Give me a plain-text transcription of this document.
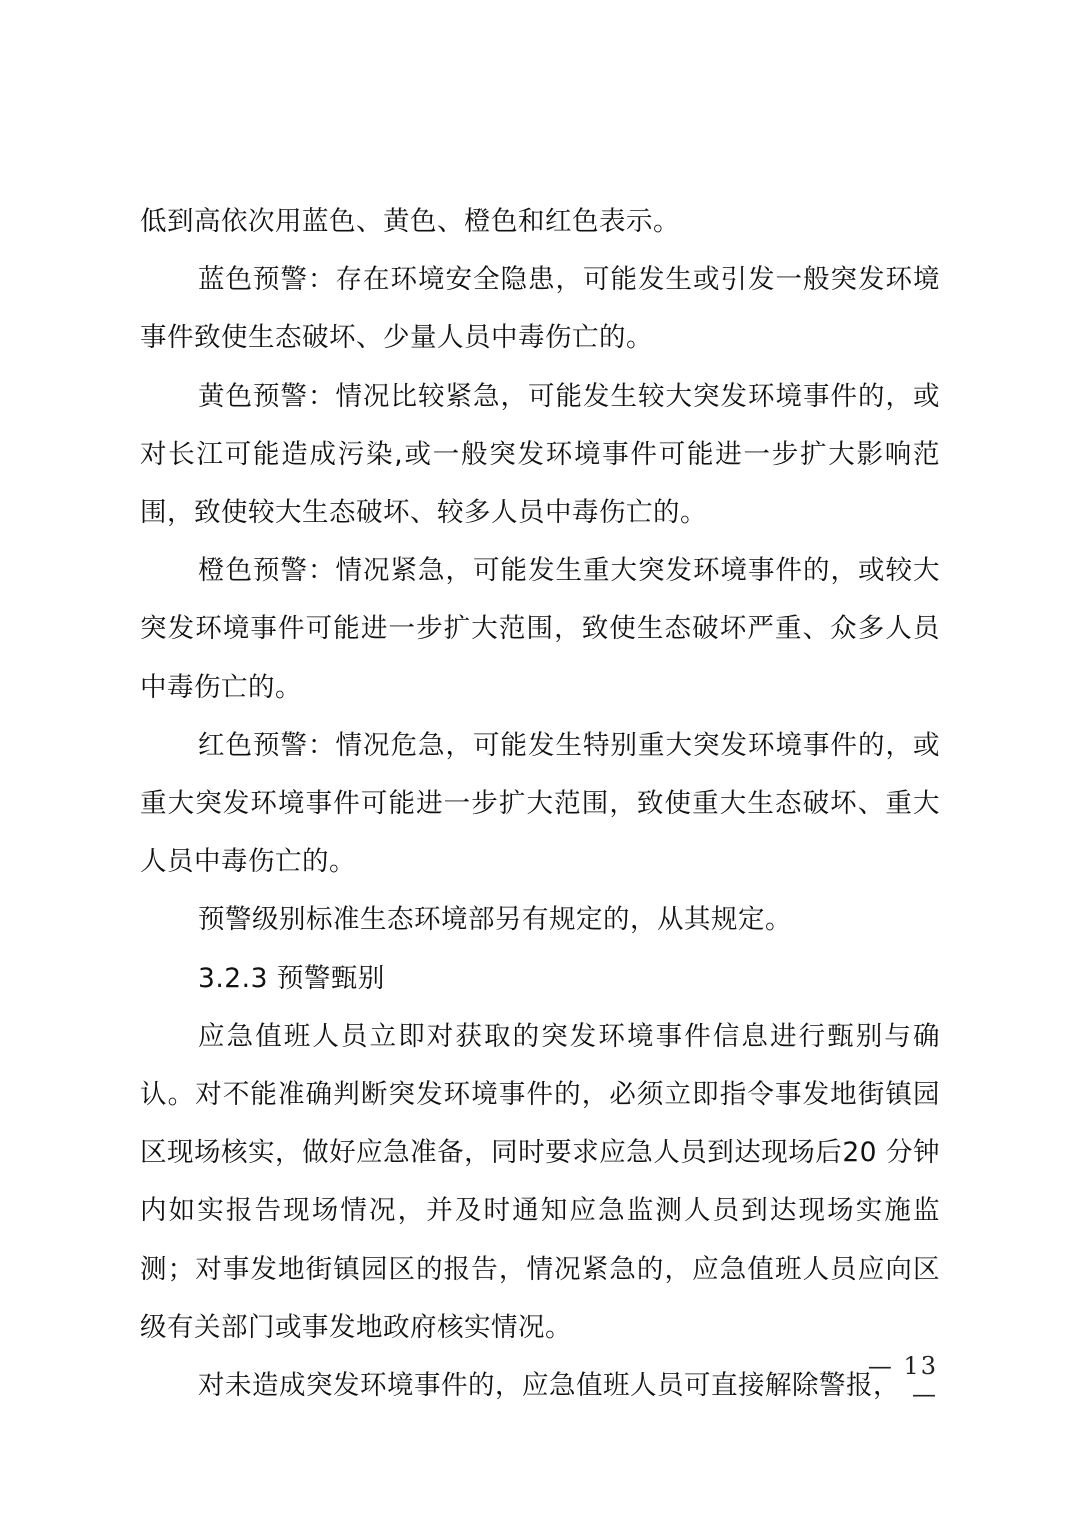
低到高依次用蓝色、黄色、橙色和红色表示。

蓝色预警：存在环境安全隐患，可能发生或引发一般突发环境事件致使生态破坏、少量人员中毒伤亡的。

黄色预警：情况比较紧急，可能发生较大突发环境事件的，或对长江可能造成污染,或一般突发环境事件可能进一步扩大影响范围，致使较大生态破坏、较多人员中毒伤亡的。

橙色预警：情况紧急，可能发生重大突发环境事件的，或较大突发环境事件可能进一步扩大范围，致使生态破坏严重、众多人员中毒伤亡的。

红色预警：情况危急，可能发生特别重大突发环境事件的，或重大突发环境事件可能进一步扩大范围，致使重大生态破坏、重大人员中毒伤亡的。

预警级别标准生态环境部另有规定的，从其规定。

3.2.3 预警甄别

应急值班人员立即对获取的突发环境事件信息进行甄别与确认。对不能准确判断突发环境事件的，必须立即指令事发地街镇园区现场核实，做好应急准备，同时要求应急人员到达现场后20 分钟内如实报告现场情况，并及时通知应急监测人员到达现场实施监测；对事发地街镇园区的报告，情况紧急的，应急值班人员应向区级有关部门或事发地政府核实情况。

对未造成突发环境事件的，应急值班人员可直接解除警报，

— 13 —
